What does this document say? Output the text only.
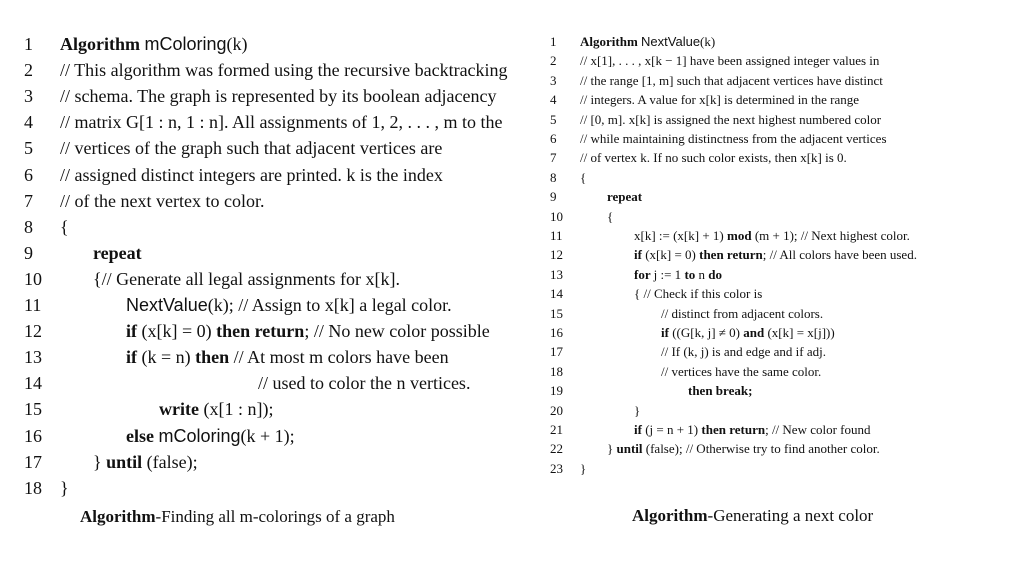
1 Algorithm mColoring(k)
2 // This algorithm was formed using the recursive backtracking
3 // schema. The graph is represented by its boolean adjacency
4 // matrix G[1 : n, 1 : n]. All assignments of 1, 2, . . . , m to the
5 // vertices of the graph such that adjacent vertices are
6 // assigned distinct integers are printed. k is the index
7 // of the next vertex to color.
8 {
9	repeat
10	{// Generate all legal assignments for x[k].
11	NextValue(k); // Assign to x[k] a legal color.
12	if (x[k] = 0) then return; // No new color possible
13	if (k = n) then // At most m colors have been
14	// used to color the n vertices.
15	write (x[1 : n]);
16	else mColoring(k + 1);
17	} until (false);
18 }
Algorithm-Finding all m-colorings of a graph
1 Algorithm NextValue(k)
2 // x[1], . . . , x[k − 1] have been assigned integer values in
3 // the range [1, m] such that adjacent vertices have distinct
4 // integers. A value for x[k] is determined in the range
5 // [0, m]. x[k] is assigned the next highest numbered color
6 // while maintaining distinctness from the adjacent vertices
7 // of vertex k. If no such color exists, then x[k] is 0.
8 {
9	repeat
10	{
11	x[k] := (x[k] + 1) mod (m + 1); // Next highest color.
12	if (x[k] = 0) then return; // All colors have been used.
13	for j := 1 to n do
14	{ // Check if this color is
15	// distinct from adjacent colors.
16	if ((G[k, j] ≠ 0) and (x[k] = x[j]))
17	// If (k, j) is and edge and if adj.
18	// vertices have the same color.
19	then break;
20	}
21	if (j = n + 1) then return; // New color found
22	} until (false); // Otherwise try to find another color.
23 }
Algorithm-Generating a next color
